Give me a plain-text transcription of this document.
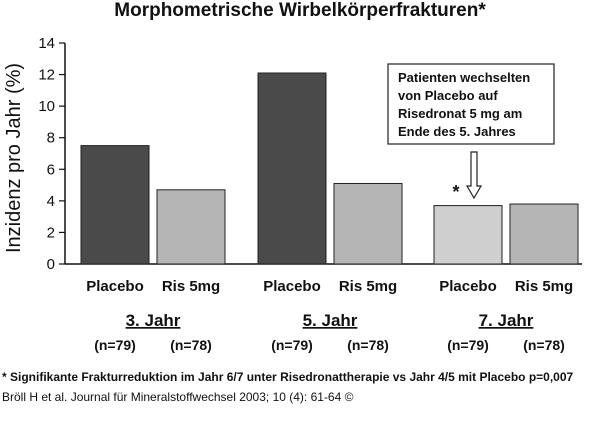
Morphometrische Wirbelkörperfrakturen*
Inzidenz pro Jahr (%)
0
2
4
6
8
10
12
14
Placebo
(n=79)
Ris 5mg
(n=78)
3. Jahr
Placebo
(n=79)
Ris 5mg
(n=78)
5. Jahr
Placebo
(n=79)
Ris 5mg
(n=78)
7. Jahr
Patienten wechselten
von Placebo auf
Risedronat 5 mg am
Ende des 5. Jahres
*
* Signifikante Frakturreduktion im Jahr 6/7 unter Risedronattherapie vs Jahr 4/5 mit Placebo p=0,007
Bröll H et al. Journal für Mineralstoffwechsel 2003; 10 (4): 61-64 ©
